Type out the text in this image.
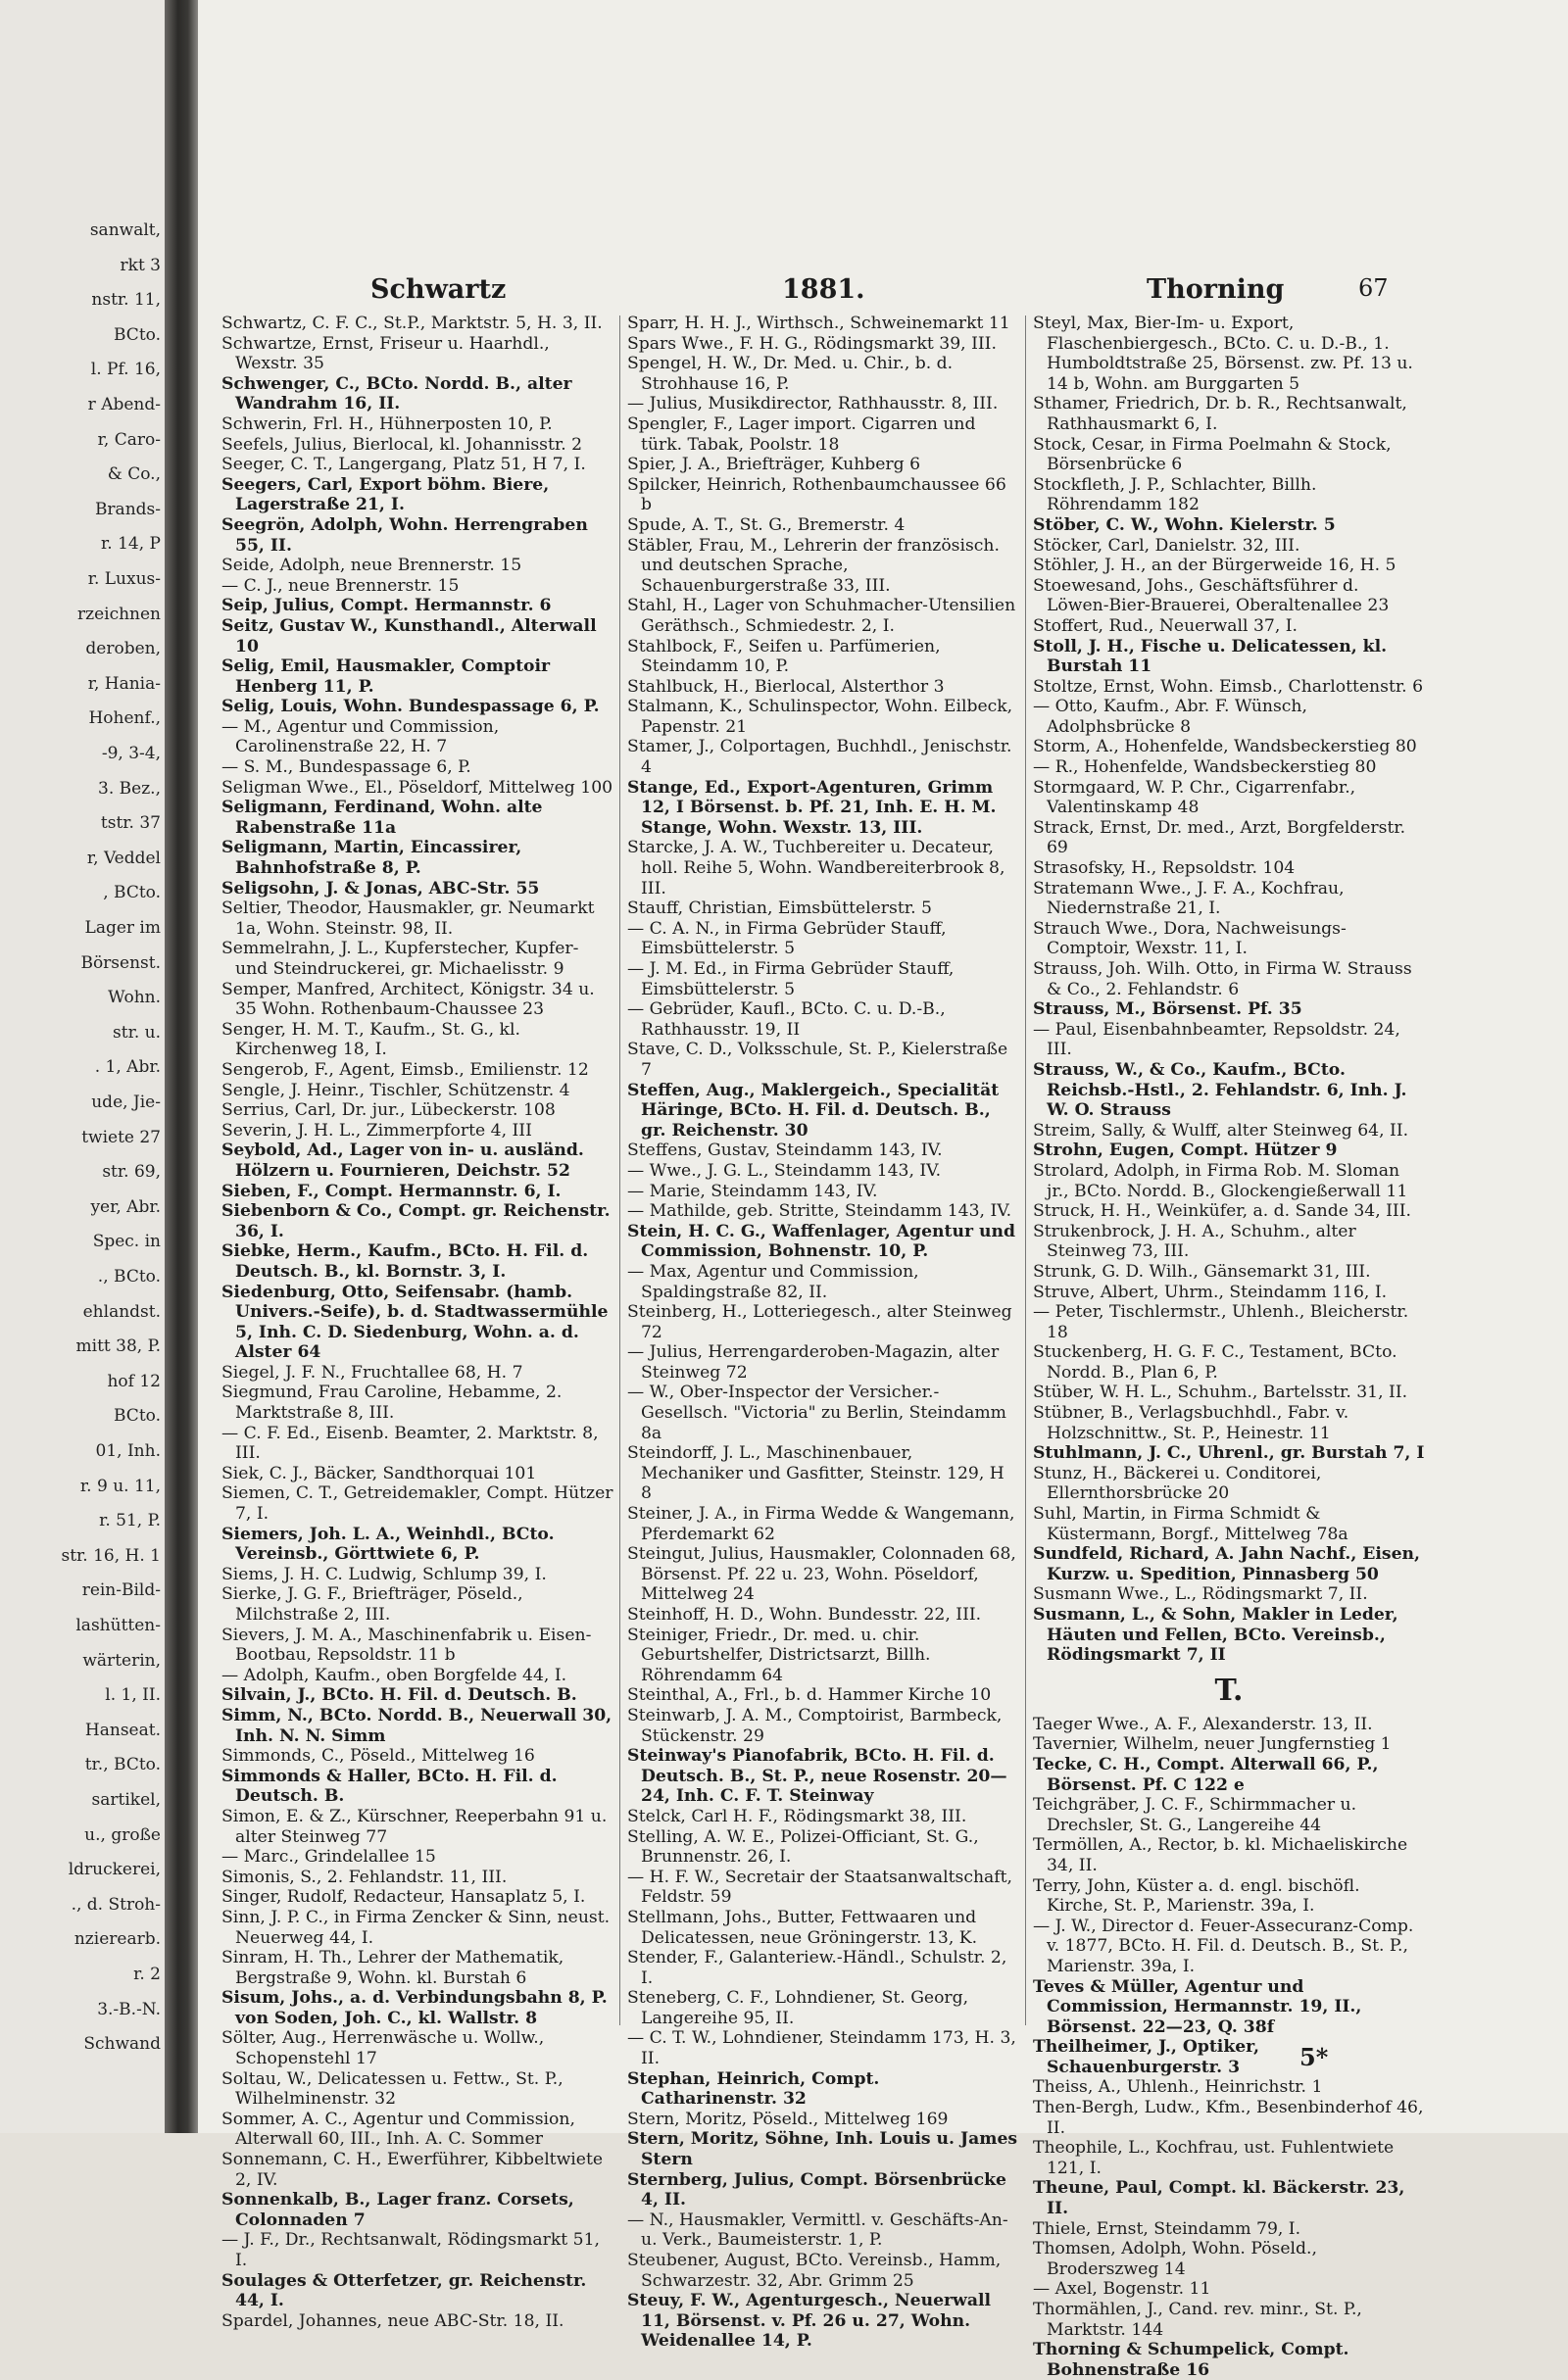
sanwalt,
rkt 3
nstr. 11,
BCto.
l. Pf. 16,
r Abend-
r, Caro-
& Co.,
Brands-
r. 14, P
r. Luxus-
rzeichnen
deroben,
r, Hania-
Hohenf.,
-9, 3-4,
3. Bez.,
tstr. 37
r, Veddel
, BCto.
Lager im
Börsenst.
Wohn.
str. u.
. 1, Abr.
ude, Jie-
twiete 27
str. 69,
yer, Abr.
Spec. in
., BCto.
ehlandst.
mitt 38, P.
hof 12
BCto.
01, Inh.
r. 9 u. 11,
r. 51, P.
str. 16, H. 1
rein-Bild-
lashütten-
wärterin,
l. 1, II.
Hanseat.
tr., BCto.
sartikel,
u., große
ldruckerei,
., d. Stroh-
nzierearb.
r. 2
3.-B.-N.
Schwand
Schwartz	1881.	Thorning	67

Schwartz, C. F. C., St.P., Marktstr. 5, H. 3, II.

Schwartze, Ernst, Friseur u. Haarhdl., Wexstr. 35

Schwenger, C., BCto. Nordd. B., alter Wandrahm 16, II.

Schwerin, Frl. H., Hühnerposten 10, P.

Seefels, Julius, Bierlocal, kl. Johannisstr. 2

Seeger, C. T., Langergang, Platz 51, H 7, I.

Seegers, Carl, Export böhm. Biere, Lagerstraße 21, I.

Seegrön, Adolph, Wohn. Herrengraben 55, II.

Seide, Adolph, neue Brennerstr. 15

— C. J., neue Brennerstr. 15

Seip, Julius, Compt. Hermannstr. 6

Seitz, Gustav W., Kunsthandl., Alterwall 10

Selig, Emil, Hausmakler, Comptoir Henberg 11, P.

Selig, Louis, Wohn. Bundespassage 6, P.

— M., Agentur und Commission, Carolinenstraße 22, H. 7

— S. M., Bundespassage 6, P.

Seligman Wwe., El., Pöseldorf, Mittelweg 100

Seligmann, Ferdinand, Wohn. alte Rabenstraße 11a

Seligmann, Martin, Eincassirer, Bahnhofstraße 8, P.

Seligsohn, J. & Jonas, ABC-Str. 55

Seltier, Theodor, Hausmakler, gr. Neumarkt 1a, Wohn. Steinstr. 98, II.

Semmelrahn, J. L., Kupferstecher, Kupfer- und Steindruckerei, gr. Michaelisstr. 9

Semper, Manfred, Architect, Königstr. 34 u. 35 Wohn. Rothenbaum-Chaussee 23

Senger, H. M. T., Kaufm., St. G., kl. Kirchenweg 18, I.

Sengerob, F., Agent, Eimsb., Emilienstr. 12

Sengle, J. Heinr., Tischler, Schützenstr. 4

Serrius, Carl, Dr. jur., Lübeckerstr. 108

Severin, J. H. L., Zimmerpforte 4, III

Seybold, Ad., Lager von in- u. ausländ. Hölzern u. Fournieren, Deichstr. 52

Sieben, F., Compt. Hermannstr. 6, I.

Siebenborn & Co., Compt. gr. Reichenstr. 36, I.

Siebke, Herm., Kaufm., BCto. H. Fil. d. Deutsch. B., kl. Bornstr. 3, I.

Siedenburg, Otto, Seifensabr. (hamb. Univers.-Seife), b. d. Stadtwassermühle 5, Inh. C. D. Siedenburg, Wohn. a. d. Alster 64

Siegel, J. F. N., Fruchtallee 68, H. 7

Siegmund, Frau Caroline, Hebamme, 2. Marktstraße 8, III.

— C. F. Ed., Eisenb. Beamter, 2. Marktstr. 8, III.

Siek, C. J., Bäcker, Sandthorquai 101

Siemen, C. T., Getreidemakler, Compt. Hützer 7, I.

Siemers, Joh. L. A., Weinhdl., BCto. Vereinsb., Görttwiete 6, P.

Siems, J. H. C. Ludwig, Schlump 39, I.

Sierke, J. G. F., Briefträger, Pöseld., Milchstraße 2, III.

Sievers, J. M. A., Maschinenfabrik u. Eisen-Bootbau, Repsoldstr. 11 b

— Adolph, Kaufm., oben Borgfelde 44, I.

Silvain, J., BCto. H. Fil. d. Deutsch. B.

Simm, N., BCto. Nordd. B., Neuerwall 30, Inh. N. N. Simm

Simmonds, C., Pöseld., Mittelweg 16

Simmonds & Haller, BCto. H. Fil. d. Deutsch. B.

Simon, E. & Z., Kürschner, Reeperbahn 91 u. alter Steinweg 77

— Marc., Grindelallee 15

Simonis, S., 2. Fehlandstr. 11, III.

Singer, Rudolf, Redacteur, Hansaplatz 5, I.

Sinn, J. P. C., in Firma Zencker & Sinn, neust. Neuerweg 44, I.

Sinram, H. Th., Lehrer der Mathematik, Bergstraße 9, Wohn. kl. Burstah 6

Sisum, Johs., a. d. Verbindungsbahn 8, P. von Soden, Joh. C., kl. Wallstr. 8

Sölter, Aug., Herrenwäsche u. Wollw., Schopenstehl 17

Soltau, W., Delicatessen u. Fettw., St. P., Wilhelminenstr. 32

Sommer, A. C., Agentur und Commission, Alterwall 60, III., Inh. A. C. Sommer

Sonnemann, C. H., Ewerführer, Kibbeltwiete 2, IV.

Sonnenkalb, B., Lager franz. Corsets, Colonnaden 7

— J. F., Dr., Rechtsanwalt, Rödingsmarkt 51, I.

Soulages & Otterfetzer, gr. Reichenstr. 44, I.

Spardel, Johannes, neue ABC-Str. 18, II.

Sparr, H. H. J., Wirthsch., Schweinemarkt 11

Spars Wwe., F. H. G., Rödingsmarkt 39, III.

Spengel, H. W., Dr. Med. u. Chir., b. d. Strohhause 16, P.

— Julius, Musikdirector, Rathhausstr. 8, III.

Spengler, F., Lager import. Cigarren und türk. Tabak, Poolstr. 18

Spier, J. A., Briefträger, Kuhberg 6

Spilcker, Heinrich, Rothenbaumchaussee 66 b

Spude, A. T., St. G., Bremerstr. 4

Stäbler, Frau, M., Lehrerin der französisch. und deutschen Sprache, Schauenburgerstraße 33, III.

Stahl, H., Lager von Schuhmacher-Utensilien Geräthsch., Schmiedestr. 2, I.

Stahlbock, F., Seifen u. Parfümerien, Steindamm 10, P.

Stahlbuck, H., Bierlocal, Alsterthor 3

Stalmann, K., Schulinspector, Wohn. Eilbeck, Papenstr. 21

Stamer, J., Colportagen, Buchhdl., Jenischstr. 4

Stange, Ed., Export-Agenturen, Grimm 12, I Börsenst. b. Pf. 21, Inh. E. H. M. Stange, Wohn. Wexstr. 13, III.

Starcke, J. A. W., Tuchbereiter u. Decateur, holl. Reihe 5, Wohn. Wandbereiterbrook 8, III.

Stauff, Christian, Eimsbüttelerstr. 5

— C. A. N., in Firma Gebrüder Stauff, Eimsbüttelerstr. 5

— J. M. Ed., in Firma Gebrüder Stauff, Eimsbüttelerstr. 5

— Gebrüder, Kaufl., BCto. C. u. D.-B., Rathhausstr. 19, II

Stave, C. D., Volksschule, St. P., Kielerstraße 7

Steffen, Aug., Maklergeich., Specialität Häringe, BCto. H. Fil. d. Deutsch. B., gr. Reichenstr. 30

Steffens, Gustav, Steindamm 143, IV.

— Wwe., J. G. L., Steindamm 143, IV.

— Marie, Steindamm 143, IV.

— Mathilde, geb. Stritte, Steindamm 143, IV.

Stein, H. C. G., Waffenlager, Agentur und Commission, Bohnenstr. 10, P.

— Max, Agentur und Commission, Spaldingstraße 82, II.

Steinberg, H., Lotteriegesch., alter Steinweg 72

— Julius, Herrengarderoben-Magazin, alter Steinweg 72

— W., Ober-Inspector der Versicher.-Gesellsch. "Victoria" zu Berlin, Steindamm 8a

Steindorff, J. L., Maschinenbauer, Mechaniker und Gasfitter, Steinstr. 129, H 8

Steiner, J. A., in Firma Wedde & Wangemann, Pferdemarkt 62

Steingut, Julius, Hausmakler, Colonnaden 68, Börsenst. Pf. 22 u. 23, Wohn. Pöseldorf, Mittelweg 24

Steinhoff, H. D., Wohn. Bundesstr. 22, III.

Steiniger, Friedr., Dr. med. u. chir. Geburtshelfer, Districtsarzt, Billh. Röhrendamm 64

Steinthal, A., Frl., b. d. Hammer Kirche 10

Steinwarb, J. A. M., Comptoirist, Barmbeck, Stückenstr. 29

Steinway's Pianofabrik, BCto. H. Fil. d. Deutsch. B., St. P., neue Rosenstr. 20—24, Inh. C. F. T. Steinway

Stelck, Carl H. F., Rödingsmarkt 38, III.

Stelling, A. W. E., Polizei-Officiant, St. G., Brunnenstr. 26, I.

— H. F. W., Secretair der Staatsanwaltschaft, Feldstr. 59

Stellmann, Johs., Butter, Fettwaaren und Delicatessen, neue Gröningerstr. 13, K.

Stender, F., Galanteriew.-Händl., Schulstr. 2, I.

Steneberg, C. F., Lohndiener, St. Georg, Langereihe 95, II.

— C. T. W., Lohndiener, Steindamm 173, H. 3, II.

Stephan, Heinrich, Compt. Catharinenstr. 32

Stern, Moritz, Pöseld., Mittelweg 169

Stern, Moritz, Söhne, Inh. Louis u. James Stern

Sternberg, Julius, Compt. Börsenbrücke 4, II.

— N., Hausmakler, Vermittl. v. Geschäfts-An- u. Verk., Baumeisterstr. 1, P.

Steubener, August, BCto. Vereinsb., Hamm, Schwarzestr. 32, Abr. Grimm 25

Steuy, F. W., Agenturgesch., Neuerwall 11, Börsenst. v. Pf. 26 u. 27, Wohn. Weidenallee 14, P.

Steyl, Max, Bier-Im- u. Export, Flaschenbiergesch., BCto. C. u. D.-B., 1. Humboldtstraße 25, Börsenst. zw. Pf. 13 u. 14 b, Wohn. am Burggarten 5

Sthamer, Friedrich, Dr. b. R., Rechtsanwalt, Rathhausmarkt 6, I.

Stock, Cesar, in Firma Poelmahn & Stock, Börsenbrücke 6

Stockfleth, J. P., Schlachter, Billh. Röhrendamm 182

Stöber, C. W., Wohn. Kielerstr. 5

Stöcker, Carl, Danielstr. 32, III.

Stöhler, J. H., an der Bürgerweide 16, H. 5

Stoewesand, Johs., Geschäftsführer d. Löwen-Bier-Brauerei, Oberaltenallee 23

Stoffert, Rud., Neuerwall 37, I.

Stoll, J. H., Fische u. Delicatessen, kl. Burstah 11

Stoltze, Ernst, Wohn. Eimsb., Charlottenstr. 6

— Otto, Kaufm., Abr. F. Wünsch, Adolphsbrücke 8

Storm, A., Hohenfelde, Wandsbeckerstieg 80

— R., Hohenfelde, Wandsbeckerstieg 80

Stormgaard, W. P. Chr., Cigarrenfabr., Valentinskamp 48

Strack, Ernst, Dr. med., Arzt, Borgfelderstr. 69

Strasofsky, H., Repsoldstr. 104

Stratemann Wwe., J. F. A., Kochfrau, Niedernstraße 21, I.

Strauch Wwe., Dora, Nachweisungs-Comptoir, Wexstr. 11, I.

Strauss, Joh. Wilh. Otto, in Firma W. Strauss & Co., 2. Fehlandstr. 6

Strauss, M., Börsenst. Pf. 35

— Paul, Eisenbahnbeamter, Repsoldstr. 24, III.

Strauss, W., & Co., Kaufm., BCto. Reichsb.-Hstl., 2. Fehlandstr. 6, Inh. J. W. O. Strauss

Streim, Sally, & Wulff, alter Steinweg 64, II.

Strohn, Eugen, Compt. Hützer 9

Strolard, Adolph, in Firma Rob. M. Sloman jr., BCto. Nordd. B., Glockengießerwall 11

Struck, H. H., Weinküfer, a. d. Sande 34, III.

Strukenbrock, J. H. A., Schuhm., alter Steinweg 73, III.

Strunk, G. D. Wilh., Gänsemarkt 31, III.

Struve, Albert, Uhrm., Steindamm 116, I.

— Peter, Tischlermstr., Uhlenh., Bleicherstr. 18

Stuckenberg, H. G. F. C., Testament, BCto. Nordd. B., Plan 6, P.

Stüber, W. H. L., Schuhm., Bartelsstr. 31, II.

Stübner, B., Verlagsbuchhdl., Fabr. v. Holzschnittw., St. P., Heinestr. 11

Stuhlmann, J. C., Uhrenl., gr. Burstah 7, I

Stunz, H., Bäckerei u. Conditorei, Ellernthorsbrücke 20

Suhl, Martin, in Firma Schmidt & Küstermann, Borgf., Mittelweg 78a

Sundfeld, Richard, A. Jahn Nachf., Eisen, Kurzw. u. Spedition, Pinnasberg 50

Susmann Wwe., L., Rödingsmarkt 7, II.

Susmann, L., & Sohn, Makler in Leder, Häuten und Fellen, BCto. Vereinsb., Rödingsmarkt 7, II

T.

Taeger Wwe., A. F., Alexanderstr. 13, II.

Tavernier, Wilhelm, neuer Jungfernstieg 1

Tecke, C. H., Compt. Alterwall 66, P., Börsenst. Pf. C 122 e

Teichgräber, J. C. F., Schirmmacher u. Drechsler, St. G., Langereihe 44

Termöllen, A., Rector, b. kl. Michaeliskirche 34, II.

Terry, John, Küster a. d. engl. bischöfl. Kirche, St. P., Marienstr. 39a, I.

— J. W., Director d. Feuer-Assecuranz-Comp. v. 1877, BCto. H. Fil. d. Deutsch. B., St. P., Marienstr. 39a, I.

Teves & Müller, Agentur und Commission, Hermannstr. 19, II., Börsenst. 22—23, Q. 38f

Theilheimer, J., Optiker, Schauenburgerstr. 3

Theiss, A., Uhlenh., Heinrichstr. 1

Then-Bergh, Ludw., Kfm., Besenbinderhof 46, II.

Theophile, L., Kochfrau, ust. Fuhlentwiete 121, I.

Theune, Paul, Compt. kl. Bäckerstr. 23, II.

Thiele, Ernst, Steindamm 79, I.

Thomsen, Adolph, Wohn. Pöseld., Broderszweg 14

— Axel, Bogenstr. 11

Thormählen, J., Cand. rev. minr., St. P., Marktstr. 144

Thorning & Schumpelick, Compt. Bohnenstraße 16

5*
